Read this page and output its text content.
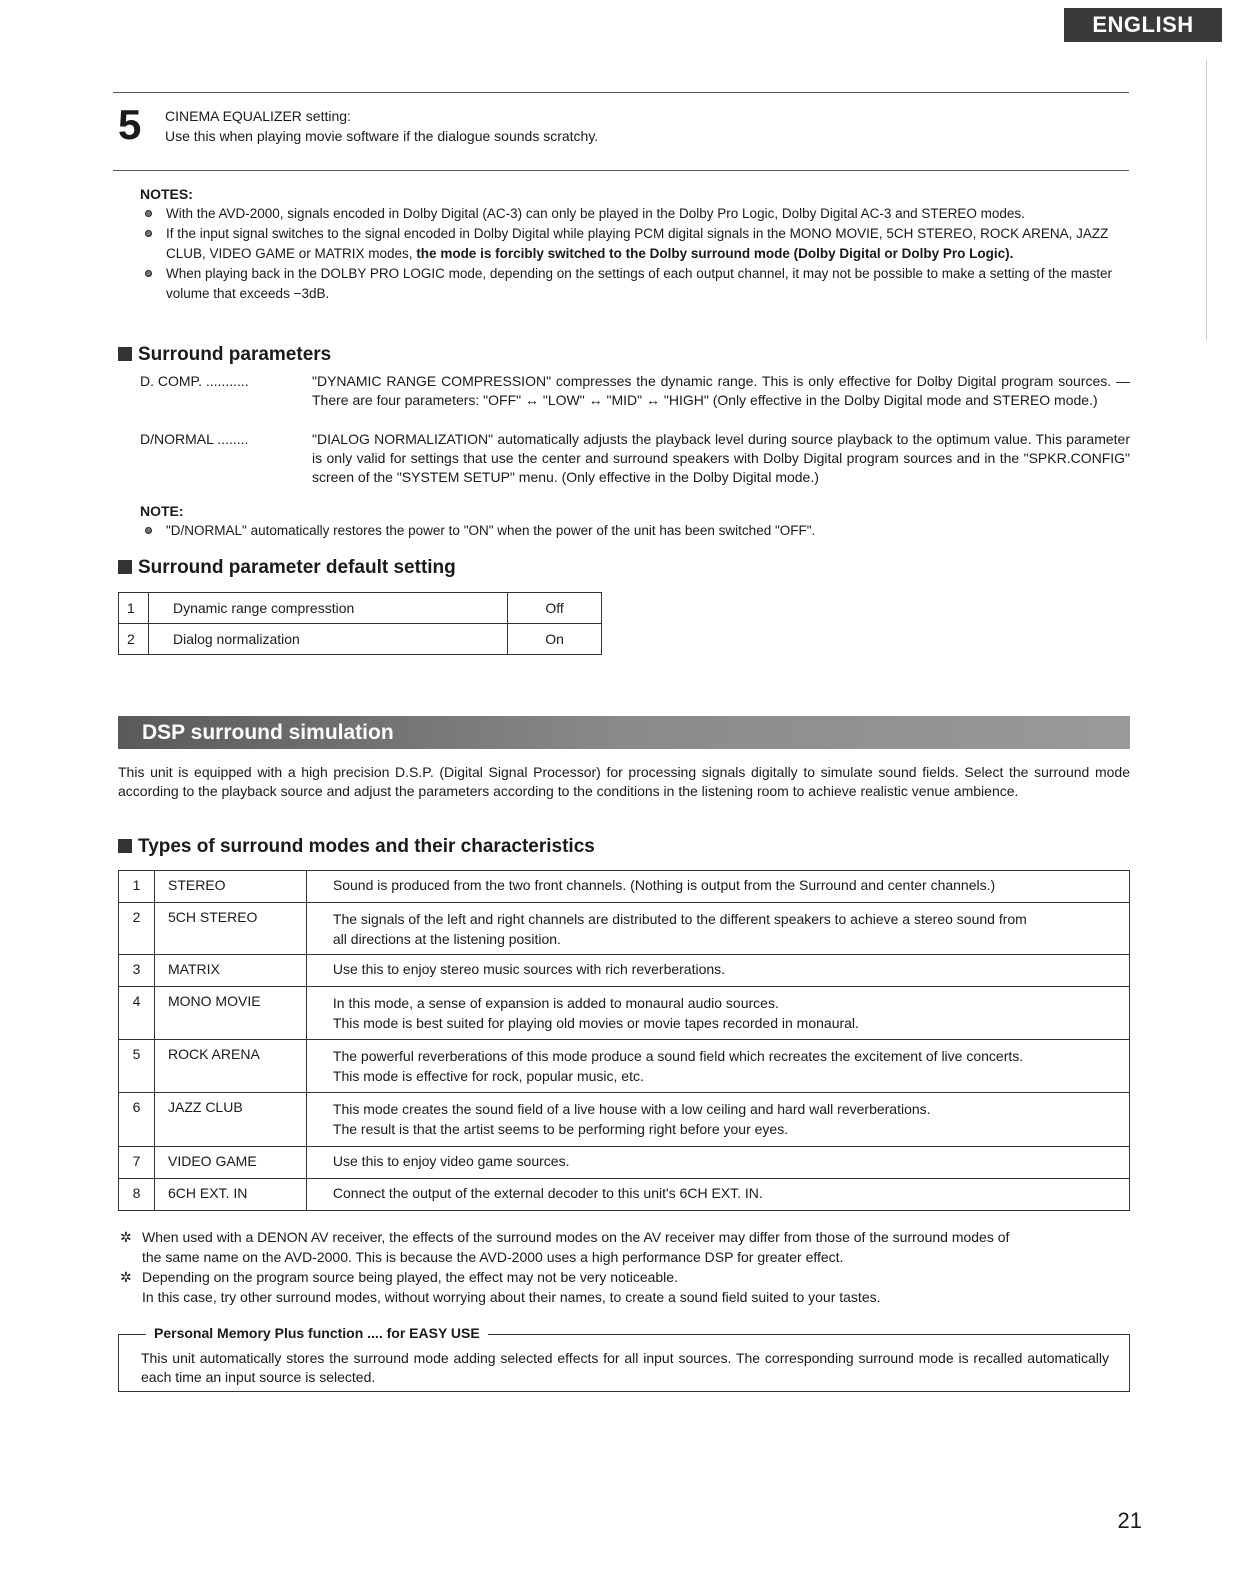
ENGLISH
5 CINEMA EQUALIZER setting:
Use this when playing movie software if the dialogue sounds scratchy.
NOTES:
With the AVD-2000, signals encoded in Dolby Digital (AC-3) can only be played in the Dolby Pro Logic, Dolby Digital AC-3 and STEREO modes.
If the input signal switches to the signal encoded in Dolby Digital while playing PCM digital signals in the MONO MOVIE, 5CH STEREO, ROCK ARENA, JAZZ CLUB, VIDEO GAME or MATRIX modes, the mode is forcibly switched to the Dolby surround mode (Dolby Digital or Dolby Pro Logic).
When playing back in the DOLBY PRO LOGIC mode, depending on the settings of each output channel, it may not be possible to make a setting of the master volume that exceeds −3dB.
Surround parameters
D. COMP. ...........	"DYNAMIC RANGE COMPRESSION" compresses the dynamic range. This is only effective for Dolby Digital program sources. — There are four parameters: "OFF" ↔ "LOW" ↔ "MID" ↔ "HIGH" (Only effective in the Dolby Digital mode and STEREO mode.)
D/NORMAL ........	"DIALOG NORMALIZATION" automatically adjusts the playback level during source playback to the optimum value. This parameter is only valid for settings that use the center and surround speakers with Dolby Digital program sources and in the "SPKR.CONFIG" screen of the "SYSTEM SETUP" menu. (Only effective in the Dolby Digital mode.)
NOTE:
"D/NORMAL" automatically restores the power to "ON" when the power of the unit has been switched "OFF".
Surround parameter default setting
1	Dynamic range compresstion	Off
2	Dialog normalization	On
DSP surround simulation
This unit is equipped with a high precision D.S.P. (Digital Signal Processor) for processing signals digitally to simulate sound fields. Select the surround mode according to the playback source and adjust the parameters according to the conditions in the listening room to achieve realistic venue ambience.
Types of surround modes and their characteristics
1	STEREO	Sound is produced from the two front channels. (Nothing is output from the Surround and center channels.)

2	5CH STEREO	The signals of the left and right channels are distributed to the different speakers to achieve a stereo sound from
all directions at the listening position.

3	MATRIX	Use this to enjoy stereo music sources with rich reverberations.

4	MONO MOVIE	In this mode, a sense of expansion is added to monaural audio sources.
This mode is best suited for playing old movies or movie tapes recorded in monaural.

5	ROCK ARENA	The powerful reverberations of this mode produce a sound field which recreates the excitement of live concerts.
This mode is effective for rock, popular music, etc.

6	JAZZ CLUB	This mode creates the sound field of a live house with a low ceiling and hard wall reverberations.
The result is that the artist seems to be performing right before your eyes.

7	VIDEO GAME	Use this to enjoy video game sources.

8	6CH EXT. IN	Connect the output of the external decoder to this unit's 6CH EXT. IN.
✲ When used with a DENON AV receiver, the effects of the surround modes on the AV receiver may differ from those of the surround modes of
the same name on the AVD-2000. This is because the AVD-2000 uses a high performance DSP for greater effect.
✲ Depending on the program source being played, the effect may not be very noticeable.
In this case, try other surround modes, without worrying about their names, to create a sound field suited to your tastes.
Personal Memory Plus function .... for EASY USE
This unit automatically stores the surround mode adding selected effects for all input sources. The corresponding surround mode is recalled automatically each time an input source is selected.
21
